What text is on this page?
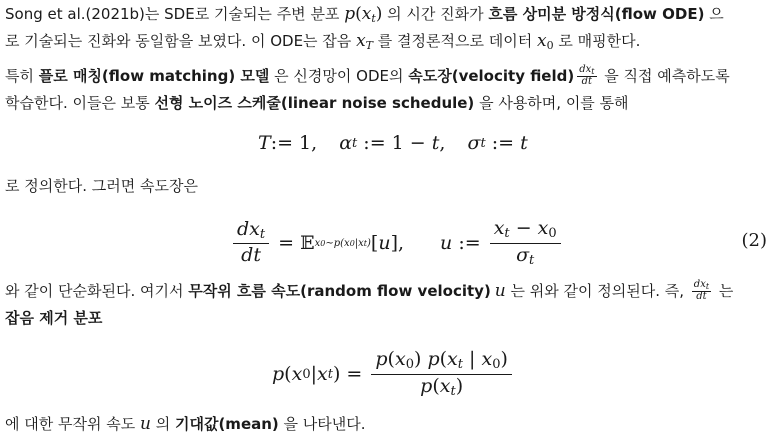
Song et al.(2021b)는 SDE로 기술되는 주변 분포 $p(x_t)$ 의 시간 진화가 흐름 상미분 방정식(flow ODE) 으
로 기술되는 진화와 동일함을 보였다. 이 ODE는 잡음 $x_T$ 를 결정론적으로 데이터 $x_0$ 로 매핑한다.
특히 플로 매칭(flow matching) 모델 은 신경망이 ODE의 속도장(velocity field) $\frac{dx_t}{dt}$ 을 직접 예측하도록
학습한다. 이들은 보통 선형 노이즈 스케줄(linear noise schedule) 을 사용하며, 이를 통해
T := 1, α t := 1 − t , σ t := t
로 정의한다. 그러면 속도장은
$\frac{dx_t}{dt}$ = 𝔼 x0∼p(x0|xt) [ u ], u := $\frac{x_t - x_0}{\sigma_t}$	(2)
와 같이 단순화된다. 여기서 무작위 흐름 속도(random flow velocity) u 는 위와 같이 정의된다. 즉, $\frac{dx_t}{dt}$ 는
잡음 제거 분포
p ( x 0 | x t ) = $\frac{p(x_0) p(x_t | x_0)}{p(x_t)}$
에 대한 무작위 속도 u 의 기대값(mean) 을 나타낸다.
